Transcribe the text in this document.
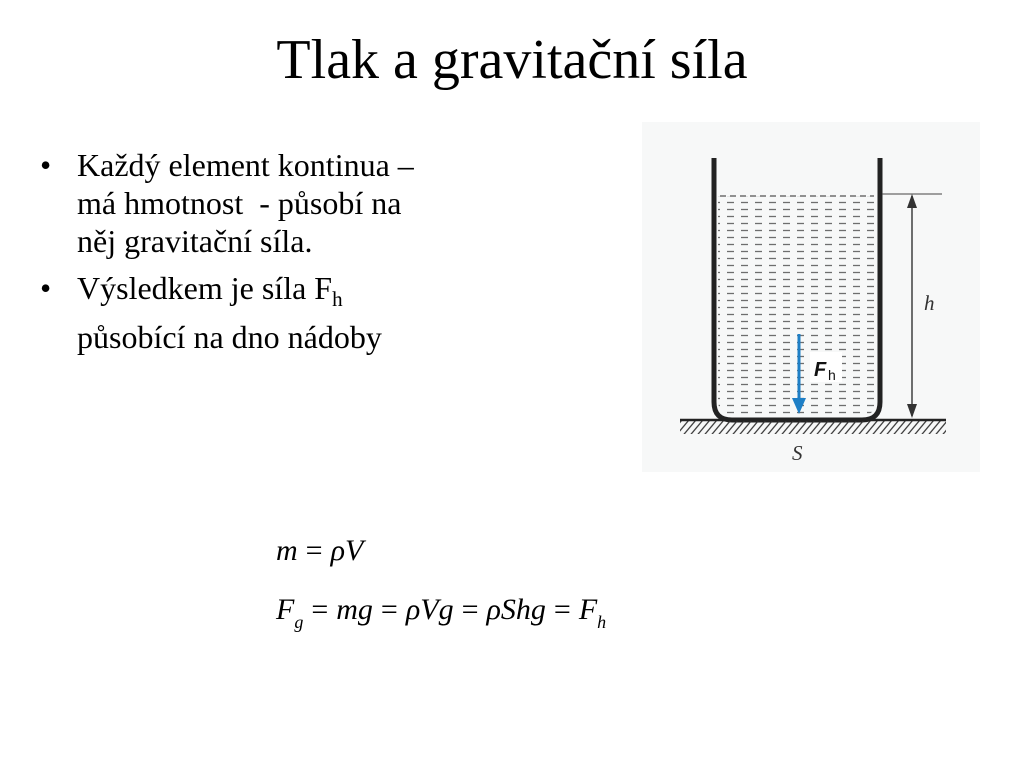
Tlak a gravitační síla
• Každý element kontinua –
má hmotnost  - působí na
něj gravitační síla.
• Výsledkem je síla $F_h$
působící na dno nádoby
h
F h
S
m = ρV
$F_g$ = mg = $\rho Vg = \rho Shg = F_h$
